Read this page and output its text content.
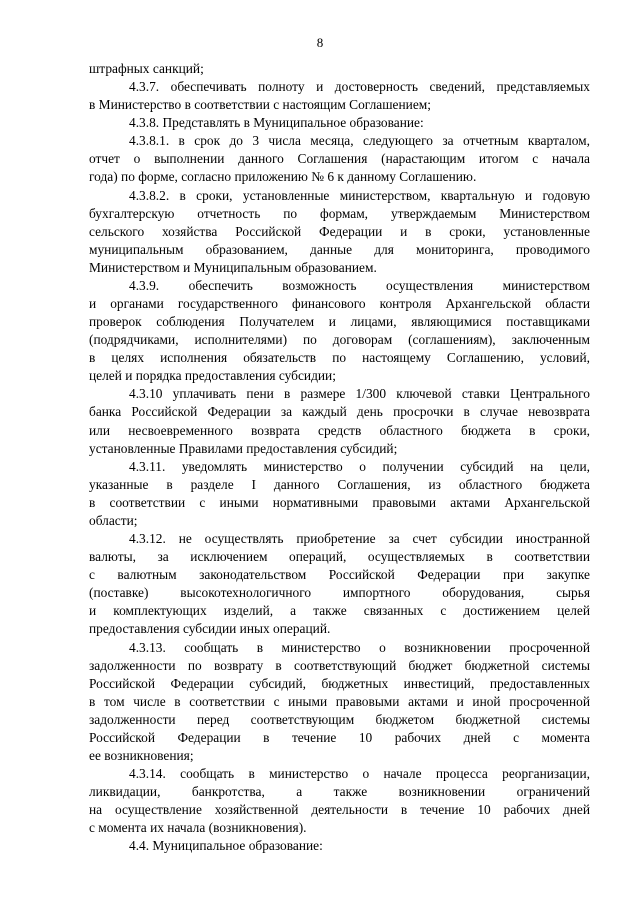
8
штрафных санкций;
4.3.7. обеспечивать полноту и достоверность сведений, представляемых
в Министерство в соответствии с настоящим Соглашением;
4.3.8. Представлять в Муниципальное образование:
4.3.8.1. в срок до 3 числа месяца, следующего за отчетным кварталом,
отчет о выполнении данного Соглашения (нарастающим итогом с начала
года) по форме, согласно приложению № 6 к данному Соглашению.
4.3.8.2. в сроки, установленные министерством, квартальную и годовую
бухгалтерскую отчетность по формам, утверждаемым Министерством
сельского хозяйства Российской Федерации и в сроки, установленные
муниципальным образованием, данные для мониторинга, проводимого
Министерством и Муниципальным образованием.
4.3.9. обеспечить возможность осуществления министерством
и органами государственного финансового контроля Архангельской области
проверок соблюдения Получателем и лицами, являющимися поставщиками
(подрядчиками, исполнителями) по договорам (соглашениям), заключенным
в целях исполнения обязательств по настоящему Соглашению, условий,
целей и порядка предоставления субсидии;
4.3.10 уплачивать пени в размере 1/300 ключевой ставки Центрального
банка Российской Федерации за каждый день просрочки в случае невозврата
или несвоевременного возврата средств областного бюджета в сроки,
установленные Правилами предоставления субсидий;
4.3.11. уведомлять министерство о получении субсидий на цели,
указанные в разделе I данного Соглашения, из областного бюджета
в соответствии с иными нормативными правовыми актами Архангельской
области;
4.3.12. не осуществлять приобретение за счет субсидии иностранной
валюты, за исключением операций, осуществляемых в соответствии
с валютным законодательством Российской Федерации при закупке
(поставке) высокотехнологичного импортного оборудования, сырья
и комплектующих изделий, а также связанных с достижением целей
предоставления субсидии иных операций.
4.3.13. сообщать в министерство о возникновении просроченной
задолженности по возврату в соответствующий бюджет бюджетной системы
Российской Федерации субсидий, бюджетных инвестиций, предоставленных
в том числе в соответствии с иными правовыми актами и иной просроченной
задолженности перед соответствующим бюджетом бюджетной системы
Российской Федерации в течение 10 рабочих дней с момента
ее возникновения;
4.3.14. сообщать в министерство о начале процесса реорганизации,
ликвидации, банкротства, а также возникновении ограничений
на осуществление хозяйственной деятельности в течение 10 рабочих дней
с момента их начала (возникновения).
4.4. Муниципальное образование:
